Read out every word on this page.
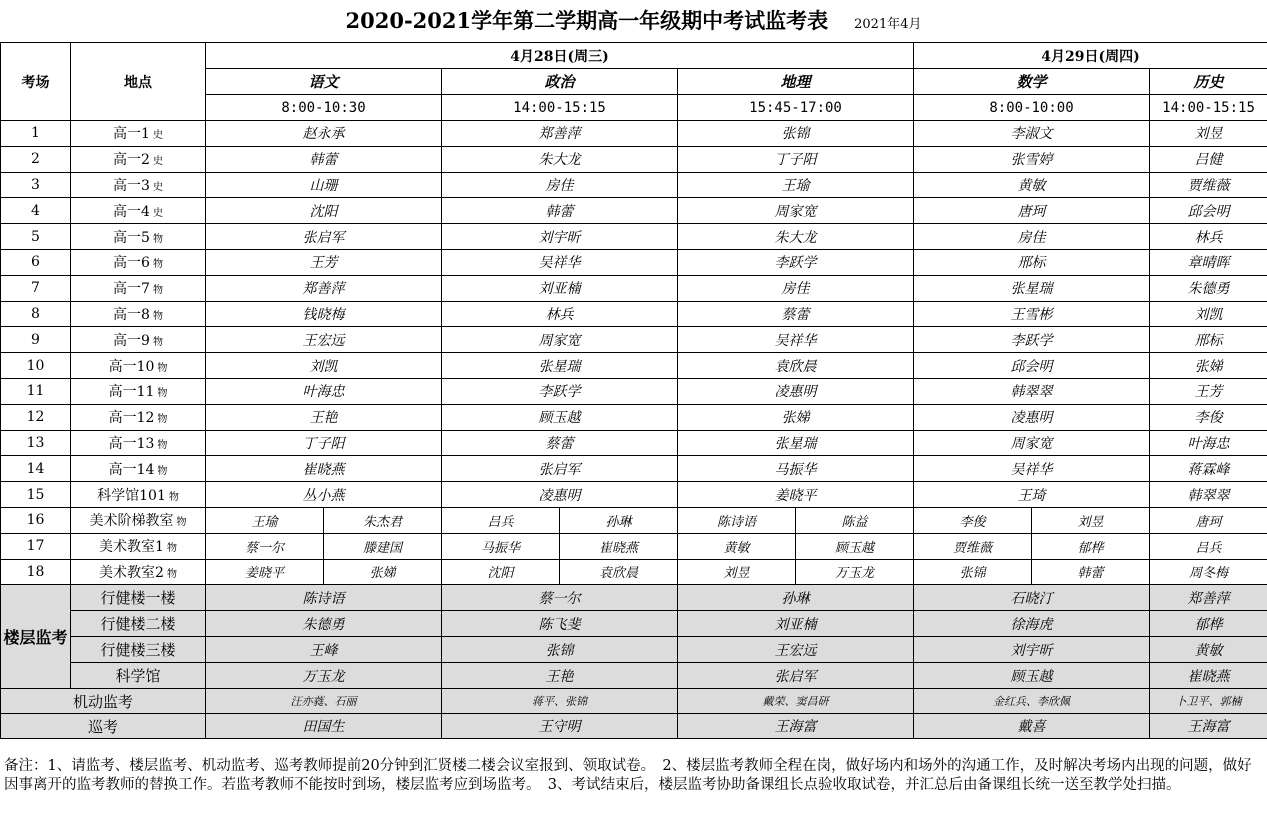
2020-2021学年第二学期高一年级期中考试监考表 2021年4月
考场	地点	4月28日(周三)						4月29日(周四)	
		语文		政治		地理		数学		历史				
		8:00-10:30		14:00-15:15		15:45-17:00		8:00-10:00		14:00-15:15				
1	高一1 史	赵永承		郑善萍		张锦		李淑文		刘昱				
2	高一2 史	韩蕾		朱大龙		丁子阳		张雪婷		吕健				
3	高一3 史	山珊		房佳		王瑜		黄敏		贾维薇				
4	高一4 史	沈阳		韩蕾		周家宽		唐珂		邱会明				
5	高一5 物	张启军		刘宇昕		朱大龙		房佳		林兵				
6	高一6 物	王芳		吴祥华		李跃学		邢标		章晴晖				
7	高一7 物	郑善萍		刘亚楠		房佳		张星瑞		朱德勇				
8	高一8 物	钱晓梅		林兵		蔡蕾		王雪彬		刘凯				
9	高一9 物	王宏远		周家宽		吴祥华		李跃学		邢标				
10	高一10 物	刘凯		张星瑞		袁欣晨		邱会明		张娣				
11	高一11 物	叶海忠		李跃学		凌惠明		韩翠翠		王芳				
12	高一12 物	王艳		顾玉越		张娣		凌惠明		李俊				
13	高一13 物	丁子阳		蔡蕾		张星瑞		周家宽		叶海忠				
14	高一14 物	崔晓燕		张启军		马振华		吴祥华		蒋霖峰				
15	科学馆101 物	丛小燕		凌惠明		姜晓平		王琦		韩翠翠				
16	美术阶梯教室 物	王瑜	朱杰君	吕兵	孙琳	陈诗语	陈益	李俊	刘昱	唐珂									
17	美术教室1 物	蔡一尔	滕建国	马振华	崔晓燕	黄敏	顾玉越	贾维薇	郁桦	吕兵									
18	美术教室2 物	姜晓平	张娣	沈阳	袁欣晨	刘昱	万玉龙	张锦	韩蕾	周冬梅									
楼层监考	行健楼一楼	陈诗语		蔡一尔		孙琳		石晓汀		郑善萍				
	行健楼二楼	朱德勇		陈飞斐		刘亚楠		徐海虎		郁桦				
	行健楼三楼	王峰		张锦		王宏远		刘宇昕		黄敏				
	科学馆	万玉龙		王艳		张启军		顾玉越		崔晓燕				
机动监考		汪亦蕤、石丽		蒋平、张锦		戴荣、窦昌研		金红兵、李欣佩		卜卫平、郭楠				
巡考		田国生		王守明		王海富		戴喜		王海富				
备注：1、请监考、楼层监考、机动监考、巡考教师提前20分钟到汇贤楼二楼会议室报到、领取试卷。　2、楼层监考教师全程在岗，做好场内和场外的沟通工作，及时解决考场内出现的问题，做好因事离开的监考教师的替换工作。若监考教师不能按时到场，楼层监考应到场监考。　3、考试结束后，楼层监考协助备课组长点验收取试卷，并汇总后由备课组长统一送至教学处扫描。
